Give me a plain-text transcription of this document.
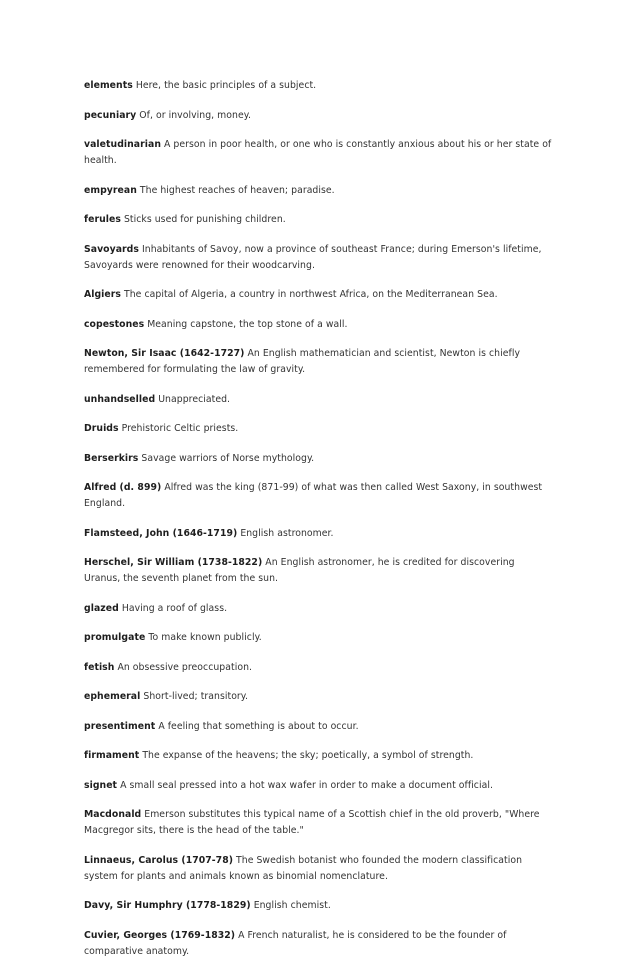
elements Here, the basic principles of a subject.

pecuniary Of, or involving, money.

valetudinarian A person in poor health, or one who is constantly anxious about his or her state of health.

empyrean The highest reaches of heaven; paradise.

ferules Sticks used for punishing children.

Savoyards Inhabitants of Savoy, now a province of southeast France; during Emerson's lifetime, Savoyards were renowned for their woodcarving.

Algiers The capital of Algeria, a country in northwest Africa, on the Mediterranean Sea.

copestones Meaning capstone, the top stone of a wall.

Newton, Sir Isaac (1642-1727) An English mathematician and scientist, Newton is chiefly remembered for formulating the law of gravity.

unhandselled Unappreciated.

Druids Prehistoric Celtic priests.

Berserkirs Savage warriors of Norse mythology.

Alfred (d. 899) Alfred was the king (871-99) of what was then called West Saxony, in southwest England.

Flamsteed, John (1646-1719) English astronomer.

Herschel, Sir William (1738-1822) An English astronomer, he is credited for discovering Uranus, the seventh planet from the sun.

glazed Having a roof of glass.

promulgate To make known publicly.

fetish An obsessive preoccupation.

ephemeral Short-lived; transitory.

presentiment A feeling that something is about to occur.

firmament The expanse of the heavens; the sky; poetically, a symbol of strength.

signet A small seal pressed into a hot wax wafer in order to make a document official.

Macdonald Emerson substitutes this typical name of a Scottish chief in the old proverb, "Where Macgregor sits, there is the head of the table."

Linnaeus, Carolus (1707-78) The Swedish botanist who founded the modern classification system for plants and animals known as binomial nomenclature.

Davy, Sir Humphry (1778-1829) English chemist.

Cuvier, Georges (1769-1832) A French naturalist, he is considered to be the founder of comparative anatomy.
